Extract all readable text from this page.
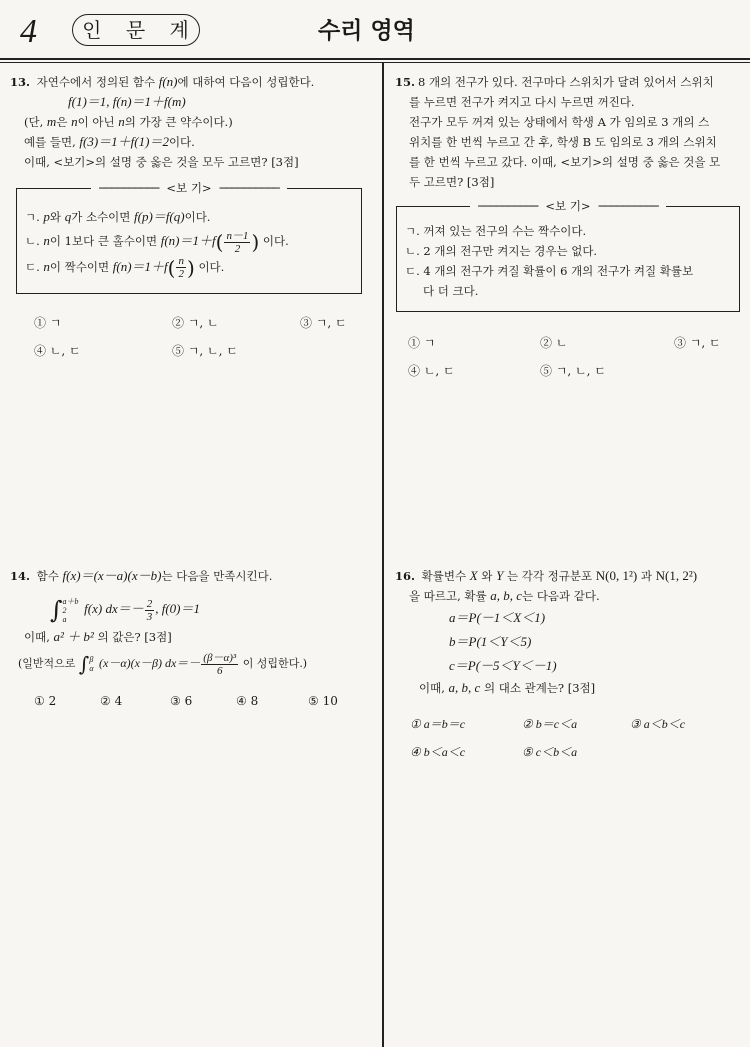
4	인 문 계	수리 영역

13. 자연수에서 정의된 함수 f(n)에 대하여 다음이 성립한다.

f(1)＝1, f(n)＝1＋f(m)

(단, m은 n이 아닌 n의 가장 큰 약수이다.)

예를 들면, f(3)＝1＋f(1)＝2이다.

이때, <보기>의 설명 중 옳은 것을 모두 고르면? [3점]

────────── <보 기> ──────────

ㄱ. p와 q가 소수이면 f(p)＝f(q)이다.

ㄴ. n이 1보다 큰 홀수이면 $f(n)=1+f( \frac{n-1}{2}$ ) 이다.

ㄷ. n이 짝수이면 $f(n)=1+f( \frac{n}{2}$ ) 이다.

① ㄱ	② ㄱ, ㄴ	③ ㄱ, ㄷ
④ ㄴ, ㄷ	⑤ ㄱ, ㄴ, ㄷ

14. 함수 f(x)＝(x－a)(x－b)는 다음을 만족시킨다.

∫ a＋b
2
a
f(x) $dx=- \frac{2}{3}$ , f(0)＝1

이때, a² ＋ b² 의 값은? [3점]

(일반적으로 ∫ β
α (x－α)(x－β) $dx=- \frac{\text{(β－α)³}}{6}$ 이 성립한다.)

① 2	② 4	③ 6	④ 8	⑤ 10

15. 8 개의 전구가 있다. 전구마다 스위치가 달려 있어서 스위치

를 누르면 전구가 켜지고 다시 누르면 꺼진다.

전구가 모두 꺼져 있는 상태에서 학생 A 가 임의로 3 개의 스

위치를 한 번씩 누르고 간 후, 학생 B 도 임의로 3 개의 스위치

를 한 번씩 누르고 갔다. 이때, <보기>의 설명 중 옳은 것을 모

두 고르면? [3점]

────────── <보 기> ──────────

ㄱ. 꺼져 있는 전구의 수는 짝수이다.

ㄴ. 2 개의 전구만 켜지는 경우는 없다.

ㄷ. 4 개의 전구가 켜질 확률이 6 개의 전구가 켜질 확률보

다 더 크다.

① ㄱ	② ㄴ	③ ㄱ, ㄷ
④ ㄴ, ㄷ	⑤ ㄱ, ㄴ, ㄷ

16. 확률변수 X 와 Y 는 각각 정규분포 N(0, 1²) 과 N(1, 2²)

을 따르고, 확률 a, b, c는 다음과 같다.

a＝P(－1＜X＜1)

b＝P(1＜Y＜5)

c＝P(－5＜Y＜－1)

이때, a, b, c 의 대소 관계는? [3점]

① a＝b＝c	② b＝c＜a	③ a＜b＜c
④ b＜a＜c	⑤ c＜b＜a
